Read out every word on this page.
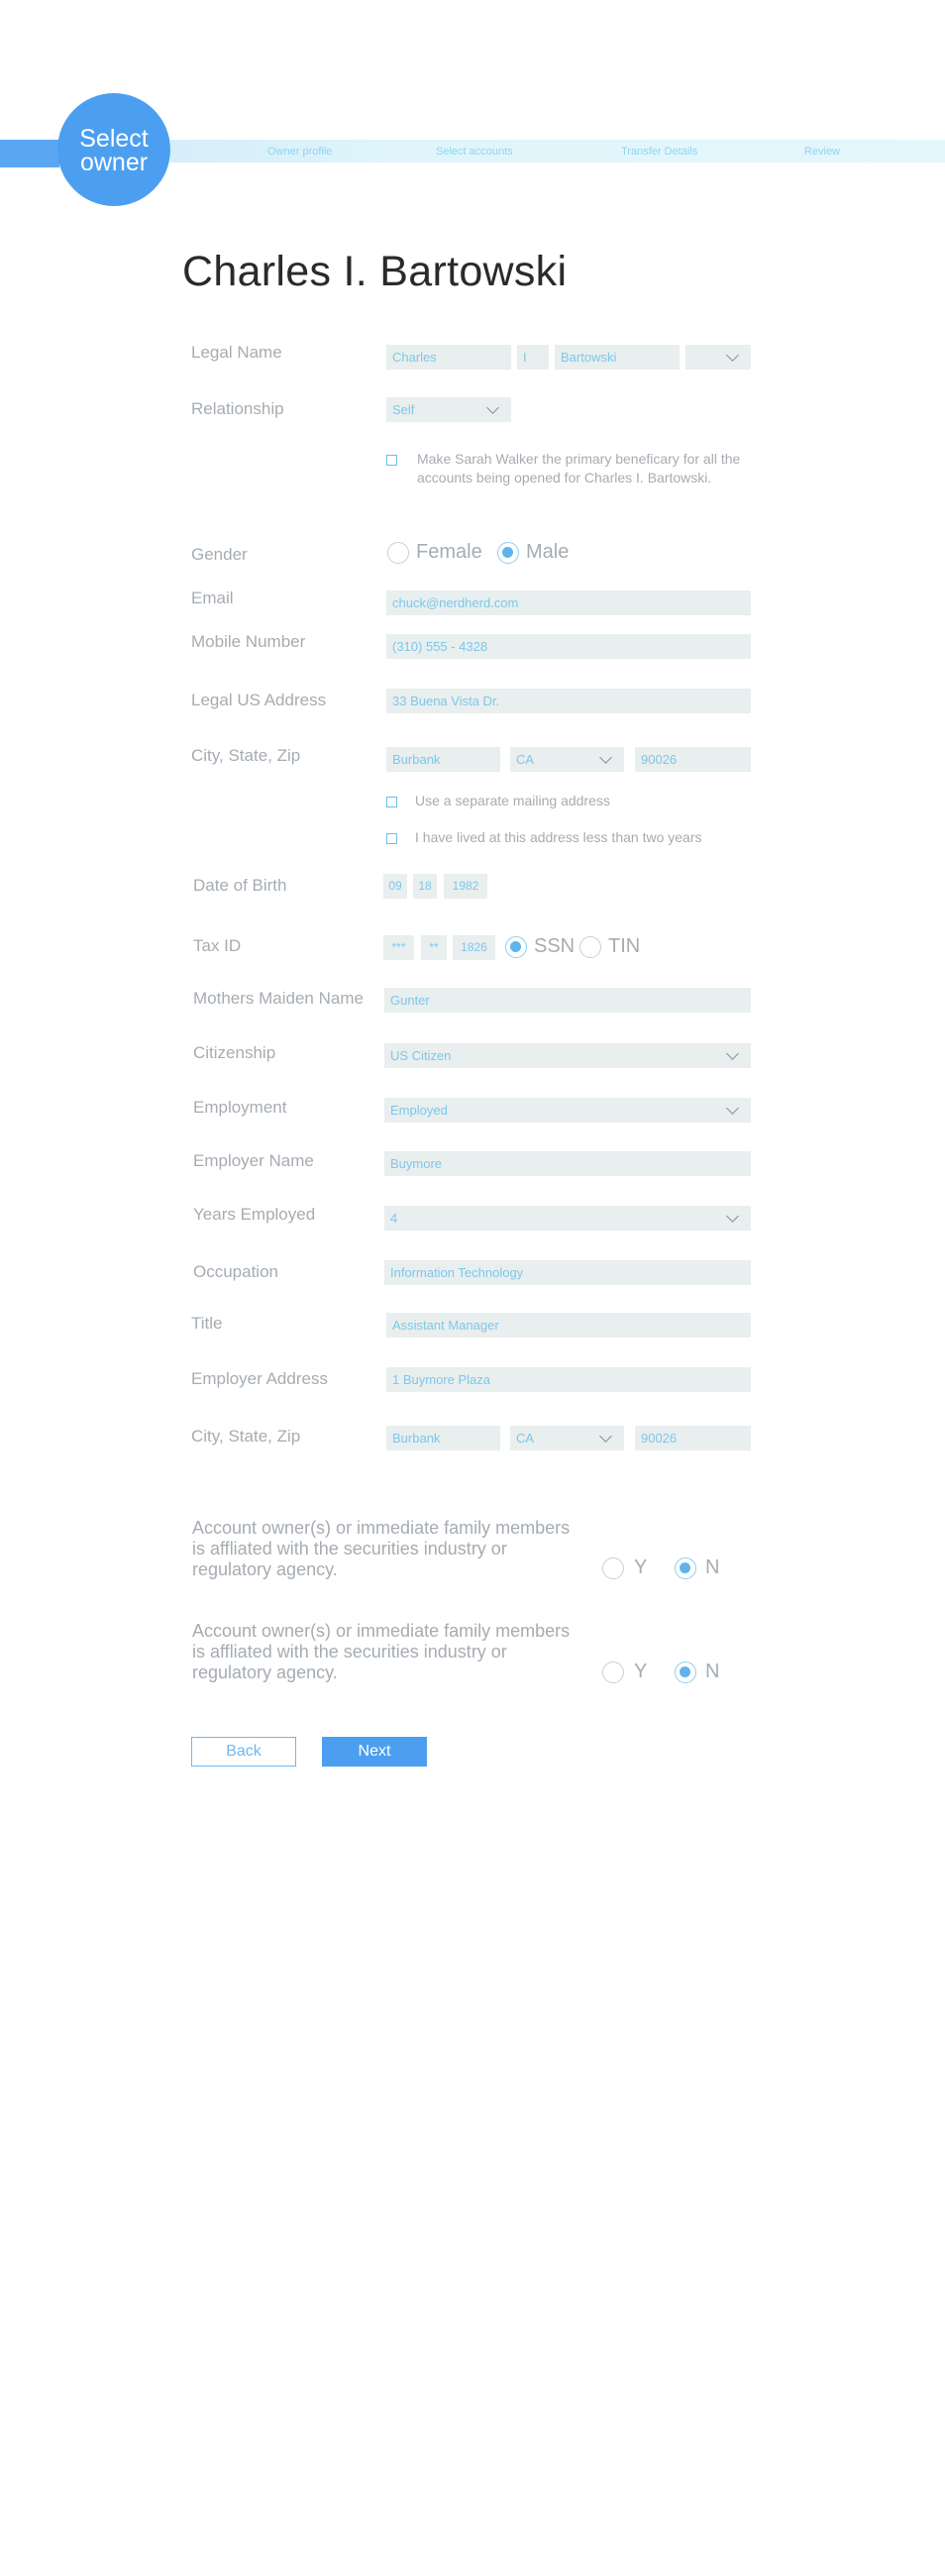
Owner profile	Select accounts	Transfer Details	Review
Select owner
Charles I. Bartowski
Legal Name	Charles	I	Bartowski
Relationship	Self
Make Sarah Walker the primary beneficary for all the accounts being opened for Charles I. Bartowski.
Gender	Female Male
Email	chuck@nerdherd.com
Mobile Number	(310) 555 - 4328
Legal US Address	33 Buena Vista Dr.
City, State, Zip	Burbank	CA	90026
Use a separate mailing address
I have lived at this address less than two years
Date of Birth	09	18	1982
Tax ID	***	**	1826	SSN TIN
Mothers Maiden Name	Gunter
Citizenship	US Citizen
Employment	Employed
Employer Name	Buymore
Years Employed	4
Occupation	Information Technology
Title	Assistant Manager
Employer Address	1 Buymore Plaza
City, State, Zip	Burbank	CA	90026
Account owner(s) or immediate family members is affliated with the securities industry or regulatory agency.	Y	N
Account owner(s) or immediate family members is affliated with the securities industry or regulatory agency.	Y	N
Back	Next
